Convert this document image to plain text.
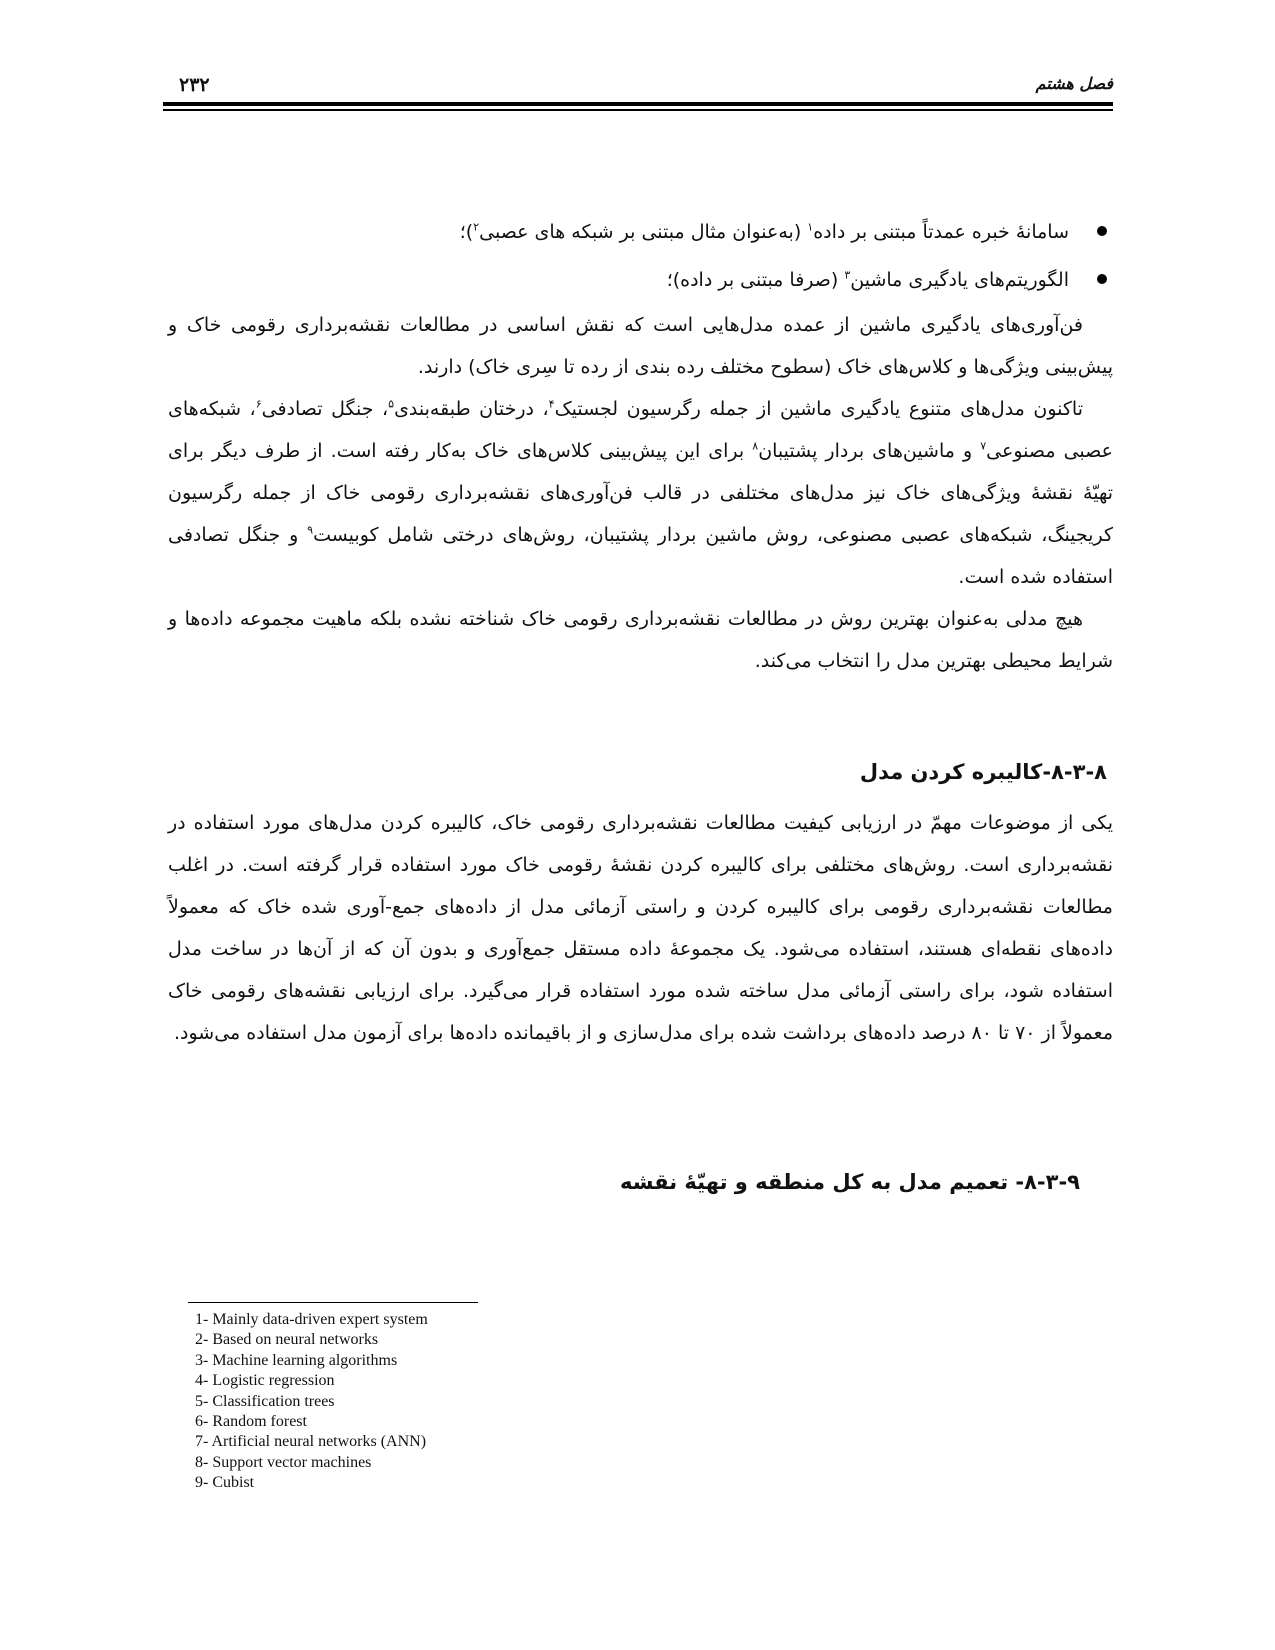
۲۳۲	فصل هشتم
سامانهٔ خبره عمدتاً مبتنی بر داده$^۱$ (به‌عنوان مثال مبتنی بر شبکه های عصبی$^۲$)؛
الگوریتم‌های یادگیری ماشین$^۳$ (صرفا مبتنی بر داده)؛

فن‌آوری‌های یادگیری ماشین از عمده مدل‌هایی است که نقش اساسی در مطالعات نقشه‌برداری رقومی خاک و پیش‌بینی ویژگی‌ها و کلاس‌های خاک (سطوح مختلف رده بندی از رده تا سِری خاک) دارند.

تاکنون مدل‌های متنوع یادگیری ماشین از جمله رگرسیون لجستیک$^۴$، درختان طبقه‌بندی$^۵$، جنگل تصادفی$^۶$، شبکه‌های عصبی مصنوعی$^۷$ و ماشین‌های بردار پشتیبان$^۸$ برای این پیش‌بینی کلاس‌های خاک به‌کار رفته است. از طرف دیگر برای تهیّهٔ نقشهٔ ویژگی‌های خاک نیز مدل‌های مختلفی در قالب فن‌آوری‌های نقشه‌برداری رقومی خاک از جمله رگرسیون کریجینگ، شبکه‌های عصبی مصنوعی، روش ماشین بردار پشتیبان، روش‌های درختی شامل کوبیست$^۹$ و جنگل تصادفی استفاده شده است.

هیچ مدلی به‌عنوان بهترین روش در مطالعات نقشه‌برداری رقومی خاک شناخته نشده بلکه ماهیت مجموعه داده‌ها و شرایط محیطی بهترین مدل را انتخاب می‌کند.

۸-۳-۸-کالیبره کردن مدل

یکی از موضوعات مهمّ در ارزیابی کیفیت مطالعات نقشه‌برداری رقومی خاک، کالیبره کردن مدل‌های مورد استفاده در نقشه‌برداری است. روش‌های مختلفی برای کالیبره کردن نقشهٔ رقومی خاک مورد استفاده قرار گرفته است. در اغلب مطالعات نقشه‌برداری رقومی برای کالیبره کردن و راستی آزمائی مدل از داده‌های جمع-آوری شده خاک که معمولاً داده‌های نقطه‌ای هستند، استفاده می‌شود. یک مجموعهٔ داده مستقل جمع‌آوری و بدون آن که از آن‌ها در ساخت مدل استفاده شود، برای راستی آزمائی مدل ساخته شده مورد استفاده قرار می‌گیرد. برای ارزیابی نقشه‌های رقومی خاک معمولاً از ۷۰ تا ۸۰ درصد داده‌های برداشت شده برای مدل‌سازی و از باقیمانده داده‌ها برای آزمون مدل استفاده می‌شود.

۸-۳-۹- تعمیم مدل به کل منطقه و تهیّهٔ نقشه
1- Mainly data-driven expert system
2- Based on neural networks
3- Machine learning algorithms
4- Logistic regression
5- Classification trees
6- Random forest
7- Artificial neural networks (ANN)
8- Support vector machines
9- Cubist
